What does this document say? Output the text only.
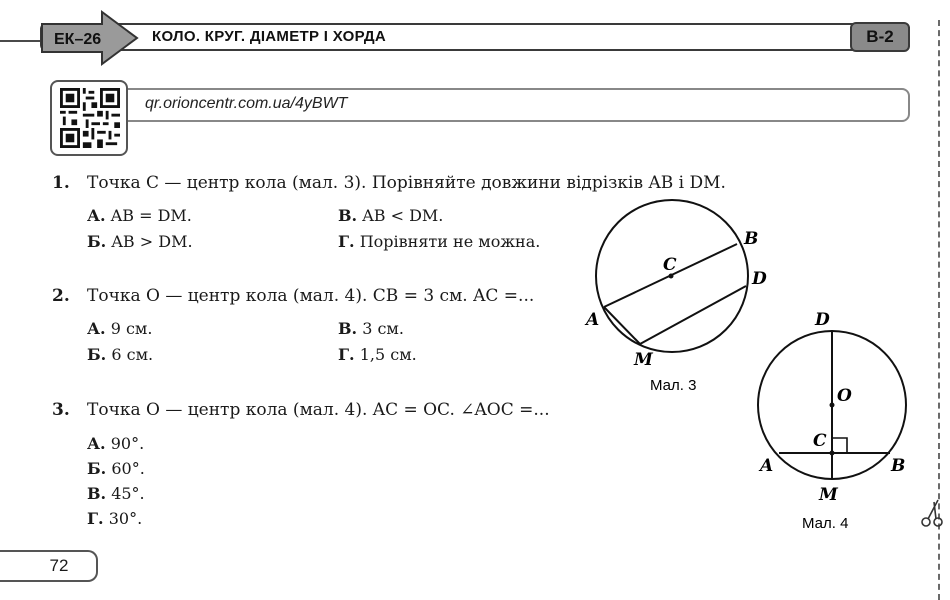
ЕК–26	КОЛО. КРУГ. ДІАМЕТР І ХОРДА	В-2
qr.orioncentr.com.ua/4yBWT
1. Точка C — центр кола (мал. 3). Порівняйте довжини відрізків AB і DM.
А. AB = DM.	В. AB < DM.
Б. AB > DM.	Г. Порівняти не можна.
2. Точка O — центр кола (мал. 4). CB = 3 см. AC =...
А. 9 см.	В. 3 см.
Б. 6 см.	Г. 1,5 см.
3. Точка O — центр кола (мал. 4). AC = OC. ∠AOC =...
А. 90°.
Б. 60°.
В. 45°.
Г. 30°.
C
B
D
A
M
Мал. 3
D
O
C
A	B
M
Мал. 4
72
